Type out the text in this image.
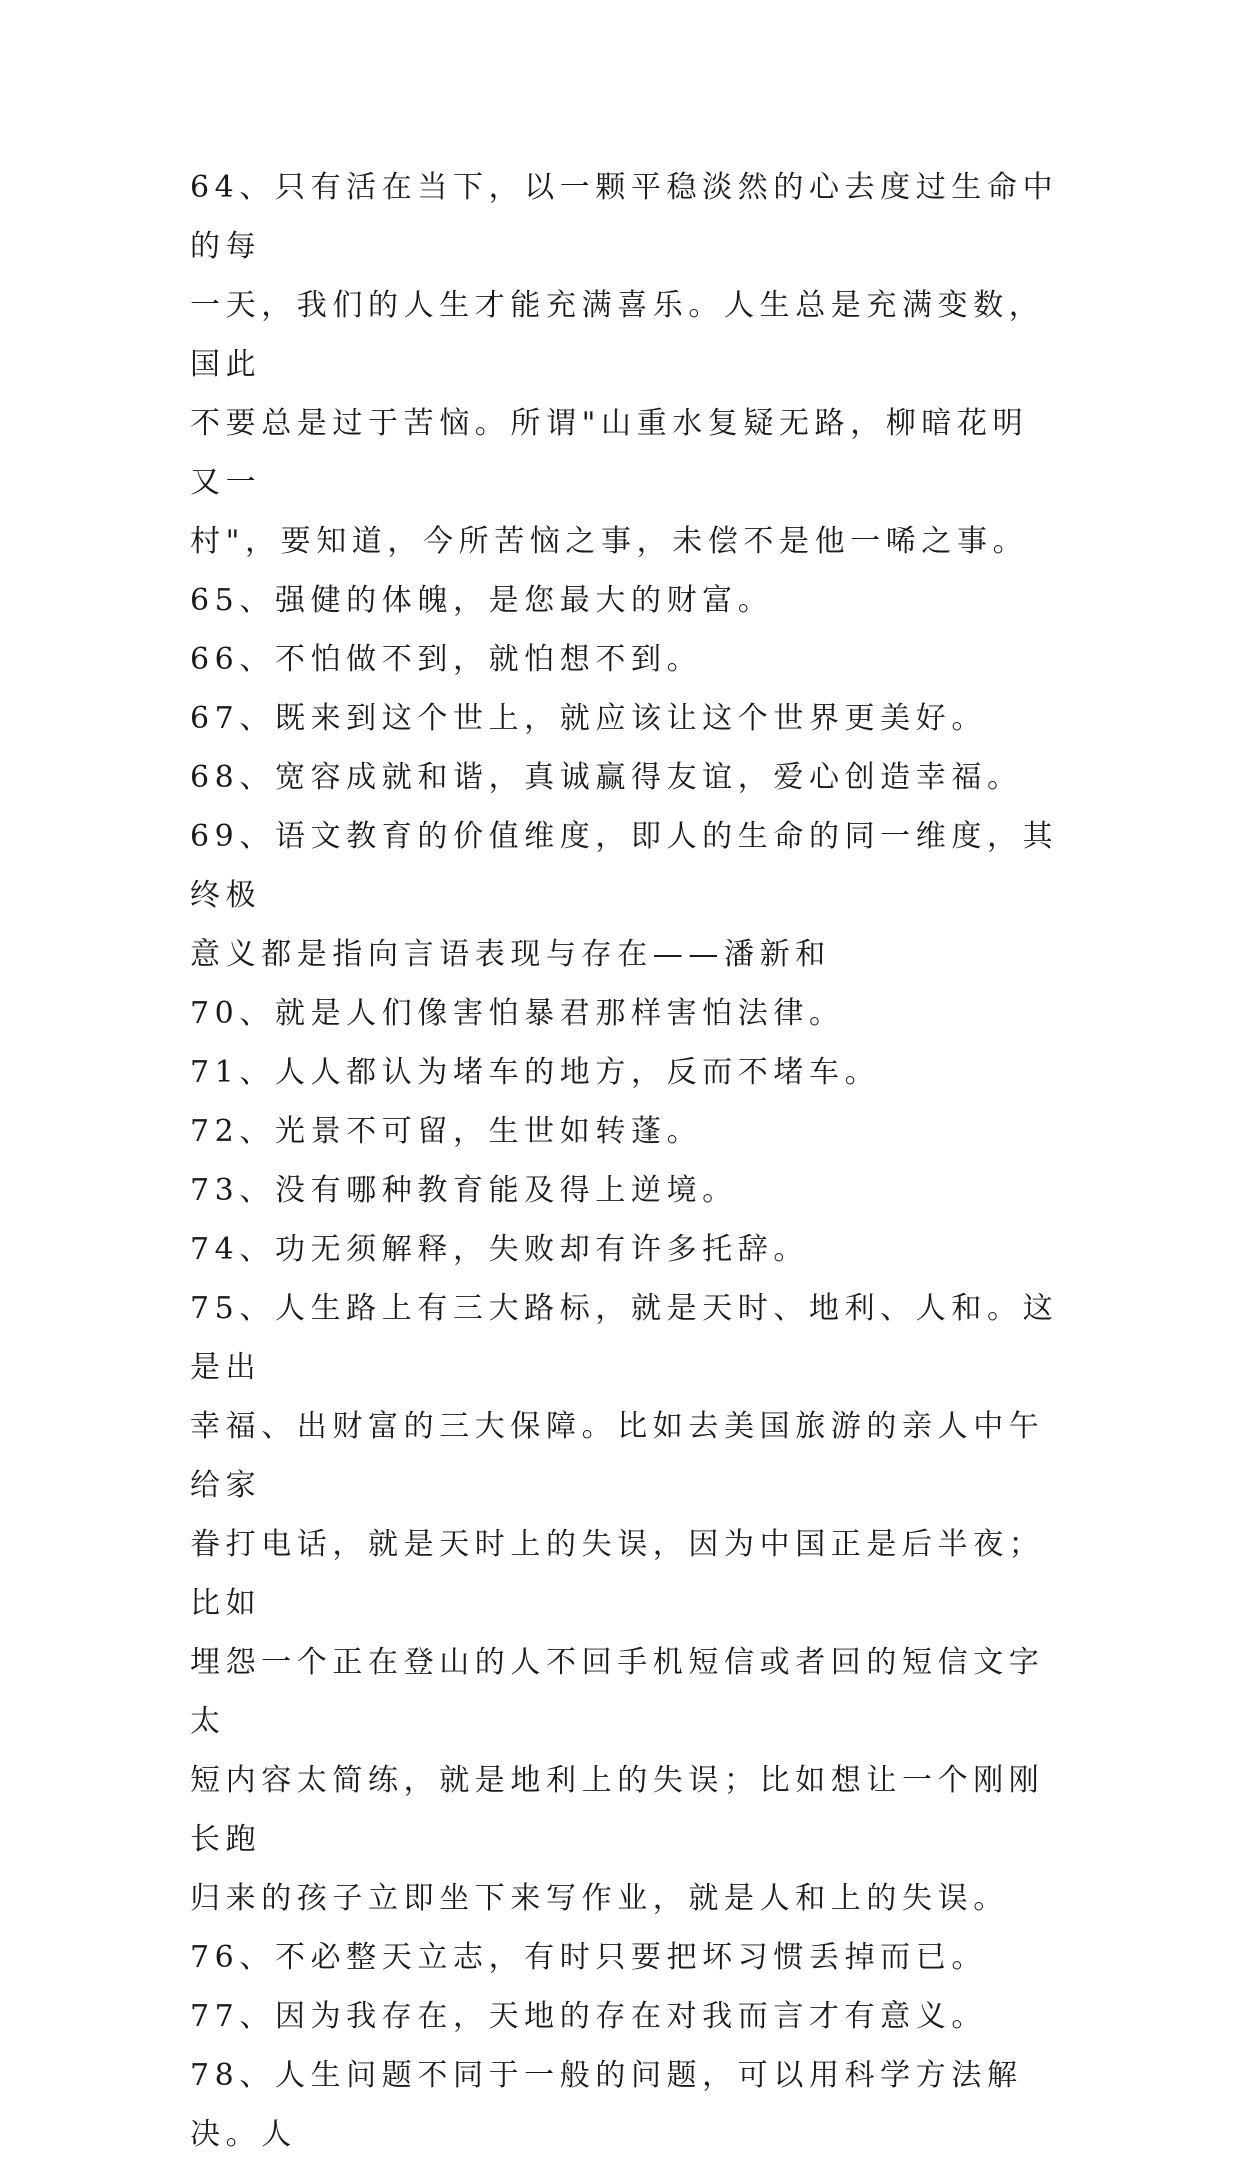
64、只有活在当下，以一颗平稳淡然的心去度过生命中的每
一天，我们的人生才能充满喜乐。人生总是充满变数，国此
不要总是过于苦恼。所谓"山重水复疑无路，柳暗花明又一
村"，要知道，今所苦恼之事，未偿不是他一唏之事。

65、强健的体魄，是您最大的财富。

66、不怕做不到，就怕想不到。

67、既来到这个世上，就应该让这个世界更美好。

68、宽容成就和谐，真诚赢得友谊，爱心创造幸福。

69、语文教育的价值维度，即人的生命的同一维度，其终极
意义都是指向言语表现与存在——潘新和

70、就是人们像害怕暴君那样害怕法律。

71、人人都认为堵车的地方，反而不堵车。

72、光景不可留，生世如转蓬。

73、没有哪种教育能及得上逆境。

74、功无须解释，失败却有许多托辞。

75、人生路上有三大路标，就是天时、地利、人和。这是出
幸福、出财富的三大保障。比如去美国旅游的亲人中午给家
眷打电话，就是天时上的失误，因为中国正是后半夜；比如
埋怨一个正在登山的人不回手机短信或者回的短信文字太
短内容太简练，就是地利上的失误；比如想让一个刚刚长跑
归来的孩子立即坐下来写作业，就是人和上的失误。

76、不必整天立志，有时只要把坏习惯丢掉而已。

77、因为我存在，天地的存在对我而言才有意义。

78、人生问题不同于一般的问题，可以用科学方法解决。人
